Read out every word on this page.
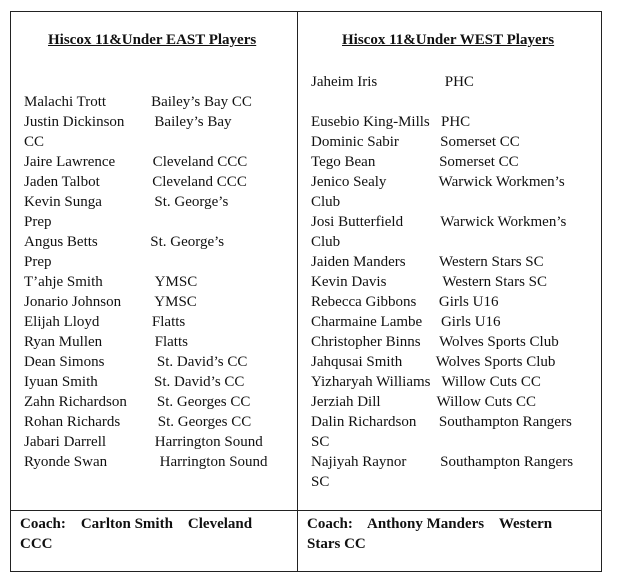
Hiscox 11&Under EAST Players	Hiscox 11&Under WEST Players
Malachi Trott            Bailey’s Bay CC
Justin Dickinson        Bailey’s Bay
CC
Jaire Lawrence          Cleveland CCC
Jaden Talbot              Cleveland CCC
Kevin Sunga              St. George’s
Prep
Angus Betts              St. George’s
Prep
T’ahje Smith              YMSC
Jonario Johnson         YMSC
Elijah Lloyd              Flatts
Ryan Mullen              Flatts
Dean Simons              St. David’s CC
Iyuan Smith               St. David’s CC
Zahn Richardson        St. Georges CC
Rohan Richards          St. Georges CC
Jabari Darrell             Harrington Sound
Ryonde Swan              Harrington Sound
Jaheim Iris                  PHC
Eusebio King-Mills   PHC
Dominic Sabir           Somerset CC
Tego Bean                 Somerset CC
Jenico Sealy              Warwick Workmen’s
Club
Josi Butterfield          Warwick Workmen’s
Club
Jaiden Manders         Western Stars SC
Kevin Davis               Western Stars SC
Rebecca Gibbons      Girls U16
Charmaine Lambe     Girls U16
Christopher Binns     Wolves Sports Club
Jahqusai Smith         Wolves Sports Club
Yizharyah Williams   Willow Cuts CC
Jerziah Dill               Willow Cuts CC
Dalin Richardson      Southampton Rangers
SC
Najiyah Raynor         Southampton Rangers
SC
Coach:    Carlton Smith    Cleveland
CCC
Coach:    Anthony Manders    Western
Stars CC
